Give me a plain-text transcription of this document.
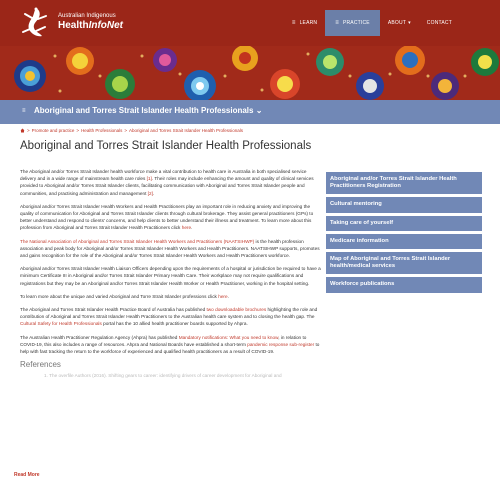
Australian Indigenous
HealthInfoNet	≡ LEARN	≡ PRACTICE	ABOUT ▾	CONTACT
≡ Aboriginal and Torres Strait Islander Health Professionals ⌄
> Promote and practice > Health Professionals > Aboriginal and Torres Strait Islander Health Professionals
Aboriginal and Torres Strait Islander Health Professionals

The Aboriginal and/or Torres Strait Islander health workforce make a vital contribution to health care in Australia in both specialised service delivery and in a wide range of mainstream health care roles [1]. Their roles may include enhancing the amount and quality of clinical services provided to Aboriginal and/or Torres Strait Islander clients, facilitating communication with Aboriginal and Torres Strait Islander people and communities, and practising administration and management [2].

Aboriginal and/or Torres Strait Islander Health Workers and Health Practitioners play an important role in reducing anxiety and improving the quality of communication for Aboriginal and Torres Strait Islander clients through cultural brokerage. They assist general practitioners (GPs) to better understand and respond to clients' concerns, and help clients to better understand their illness and treatment. To learn more about this profession from Aboriginal and Torres Strait Islander Health Practitioners click here.

The National Association of Aboriginal and Torres Strait Islander Health Workers and Practitioners (NAATSIHWP) is the health profession association and peak body for Aboriginal and/or Torres Strait Islander Health Workers and Health Practitioners. NAATSIHWP supports, promotes and gains recognition for the role of the Aboriginal and/or Torres Strait Islander Health Workers and Health Practitioners workforce.

Aboriginal and/or Torres Strait Islander Health Liaison Officers depending upon the requirements of a hospital or jurisdiction be required to have a minimum Certificate III in Aboriginal and/or Torres Strait Islander Primary Health Care. Their workplace may not require qualifications and registrations but they may be an Aboriginal and/or Torres Strait Islander Health Worker or Health Practitioner, working in the hospital setting.

To learn more about the unique and varied Aboriginal and Torre Strait Islander professions click here.

The Aboriginal and Torres Strait Islander Health Practice Board of Australia has published two downloadable brochures highlighting the role and contribution of Aboriginal and Torres Strait Islander Health Practitioners to the Australian health care system and to closing the health gap. The Cultural Safety for Health Professionals portal has the 10 allied health practitioner boards supported by Ahpra.

The Australian Health Practitioner Regulation Agency (Ahpra) has published Mandatory notifications: What you need to know, in relation to COVID-19, this also includes a range of resources. Ahpra and National Boards have established a short-term pandemic response sub-register to help with fast tracking the return to the workforce of experienced and qualified health practitioners as a result of COVID-19.

References
1. The overfile Authors (2016). Shifting gears to career: identifying drivers of career development for Aboriginal and
Aboriginal and/or Torres Strait Islander Health Practitioners Registration
Cultural mentoring
Taking care of yourself
Medicare information
Map of Aboriginal and Torres Strait Islander health/medical services
Workforce publications
Read More
